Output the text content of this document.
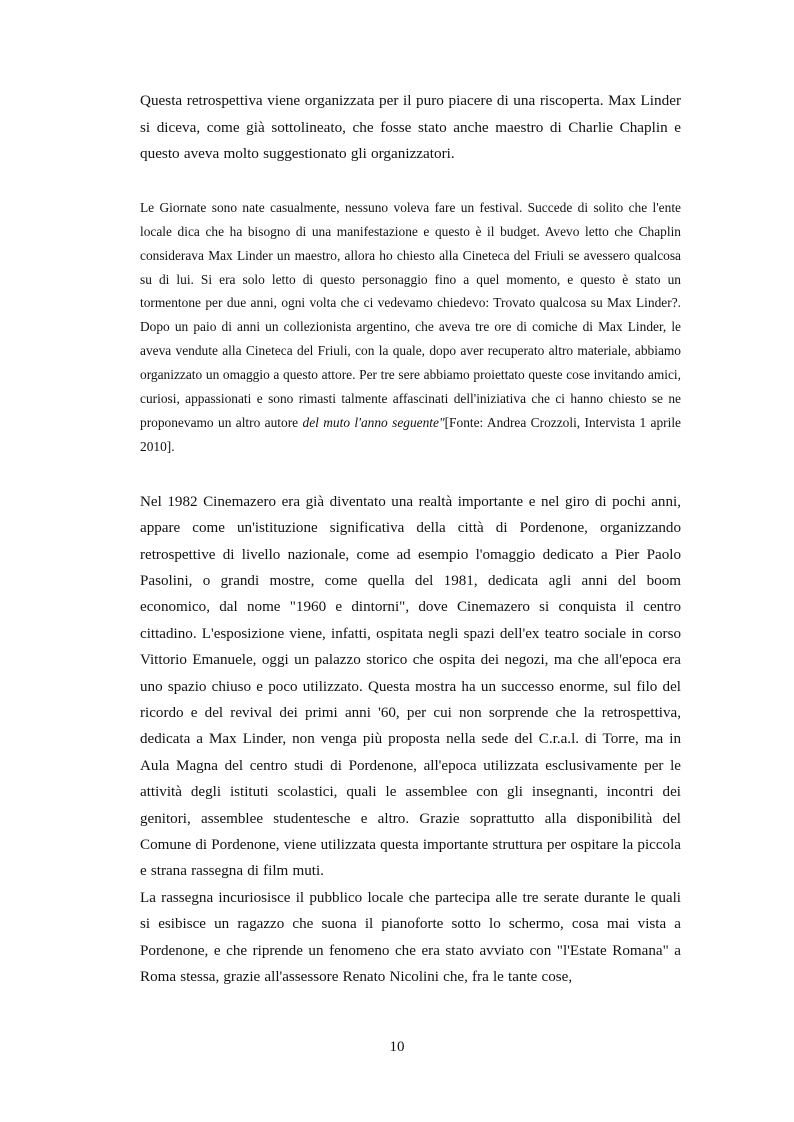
Questa retrospettiva viene organizzata per il puro piacere di una riscoperta. Max Linder si diceva, come già sottolineato, che fosse stato anche maestro di Charlie Chaplin e questo aveva molto suggestionato gli organizzatori.

Le Giornate sono nate casualmente, nessuno voleva fare un festival. Succede di solito che l'ente locale dica che ha bisogno di una manifestazione e questo è il budget. Avevo letto che Chaplin considerava Max Linder un maestro, allora ho chiesto alla Cineteca del Friuli se avessero qualcosa su di lui. Si era solo letto di questo personaggio fino a quel momento, e questo è stato un tormentone per due anni, ogni volta che ci vedevamo chiedevo: Trovato qualcosa su Max Linder?. Dopo un paio di anni un collezionista argentino, che aveva tre ore di comiche di Max Linder, le aveva vendute alla Cineteca del Friuli, con la quale, dopo aver recuperato altro materiale, abbiamo organizzato un omaggio a questo attore. Per tre sere abbiamo proiettato queste cose invitando amici, curiosi, appassionati e sono rimasti talmente affascinati dell'iniziativa che ci hanno chiesto se ne proponevamo un altro autore del muto l'anno seguente"[Fonte: Andrea Crozzoli, Intervista 1 aprile 2010].

Nel 1982 Cinemazero era già diventato una realtà importante e nel giro di pochi anni, appare come un'istituzione significativa della città di Pordenone, organizzando retrospettive di livello nazionale, come ad esempio l'omaggio dedicato a Pier Paolo Pasolini, o grandi mostre, come quella del 1981, dedicata agli anni del boom economico, dal nome "1960 e dintorni", dove Cinemazero si conquista il centro cittadino. L'esposizione viene, infatti, ospitata negli spazi dell'ex teatro sociale in corso Vittorio Emanuele, oggi un palazzo storico che ospita dei negozi, ma che all'epoca era uno spazio chiuso e poco utilizzato. Questa mostra ha un successo enorme, sul filo del ricordo e del revival dei primi anni '60, per cui non sorprende che la retrospettiva, dedicata a Max Linder, non venga più proposta nella sede del C.r.a.l. di Torre, ma in Aula Magna del centro studi di Pordenone, all'epoca utilizzata esclusivamente per le attività degli istituti scolastici, quali le assemblee con gli insegnanti, incontri dei genitori, assemblee studentesche e altro. Grazie soprattutto alla disponibilità del Comune di Pordenone, viene utilizzata questa importante struttura per ospitare la piccola e strana rassegna di film muti.
La rassegna incuriosisce il pubblico locale che partecipa alle tre serate durante le quali si esibisce un ragazzo che suona il pianoforte sotto lo schermo, cosa mai vista a Pordenone, e che riprende un fenomeno che era stato avviato con "l'Estate Romana" a Roma stessa, grazie all'assessore Renato Nicolini che, fra le tante cose,
10
